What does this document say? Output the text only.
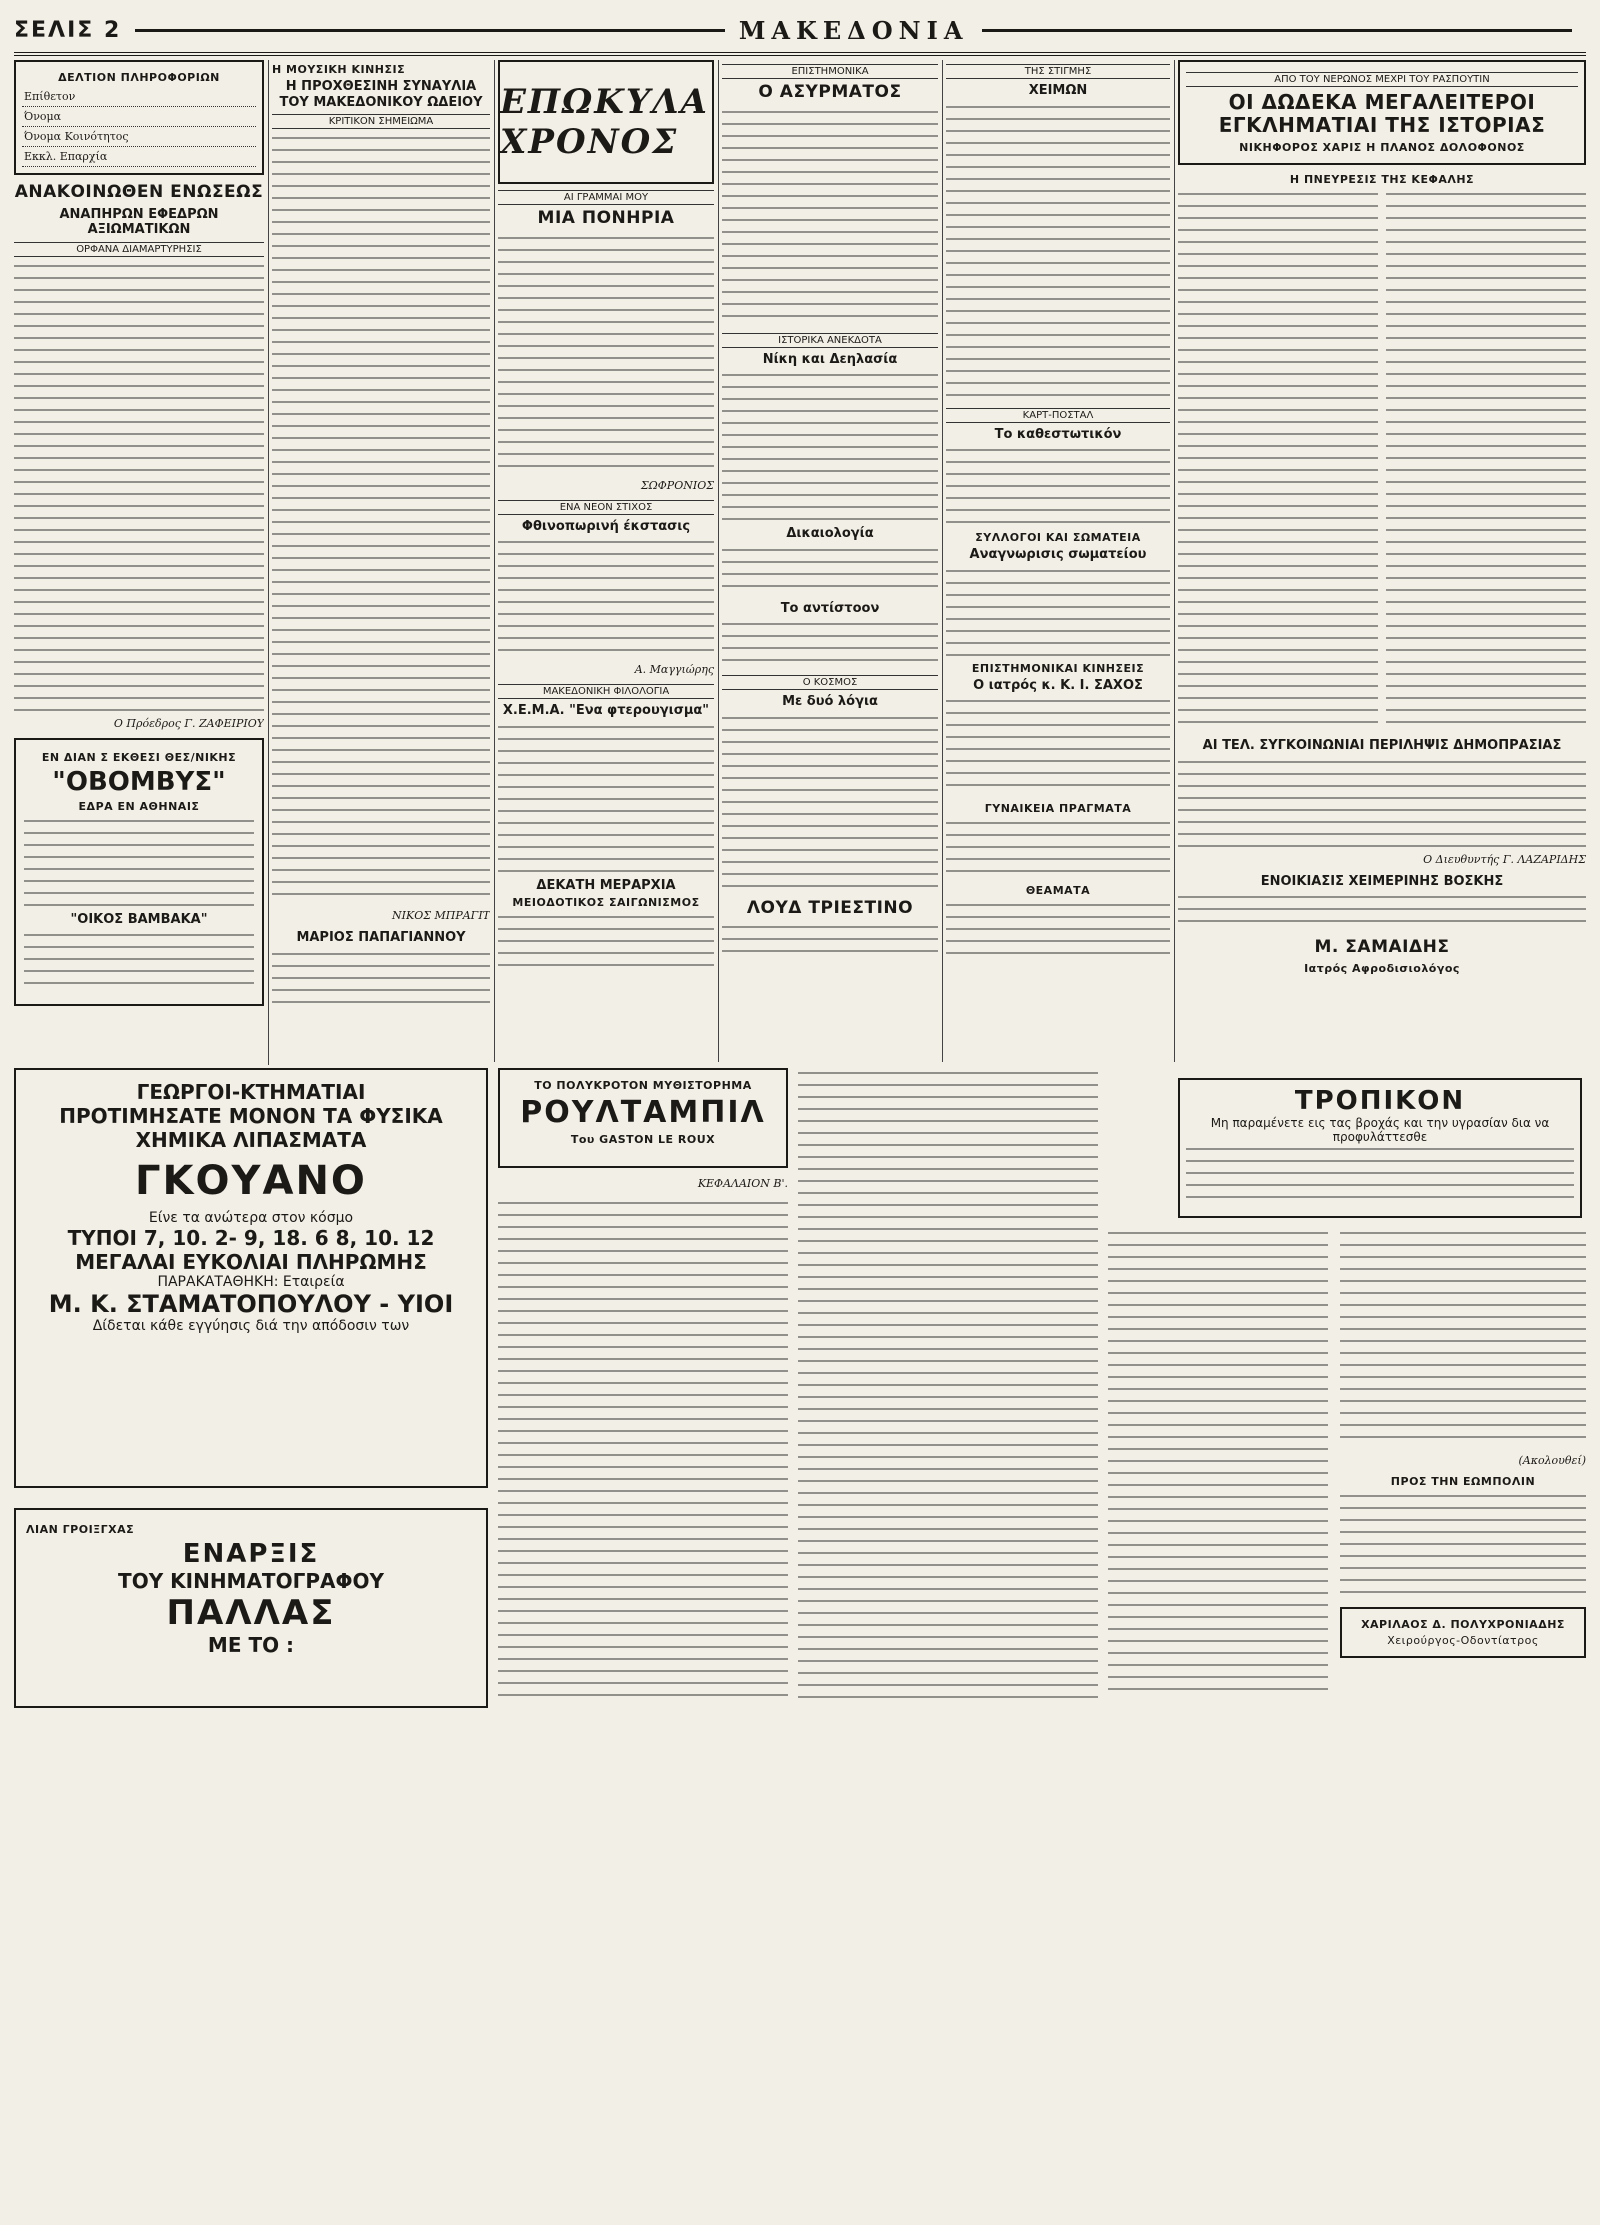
ΣΕΛΙΣ 2	ΜΑΚΕΔΟΝΙΑ
ΔΕΛΤΙΟΝ ΠΛΗΡΟΦΟΡΙΩΝ
Επίθετον
Όνομα
Όνομα Κοινότητος
Εκκλ. Επαρχία
ΑΝΑΚΟΙΝΩΘΕΝ ΕΝΩΣΕΩΣ
ΑΝΑΠΗΡΩΝ ΕΦΕΔΡΩΝ ΑΞΙΩΜΑΤΙΚΩΝ
ΟΡΦΑΝΑ ΔΙΑΜΑΡΤΥΡΗΣΙΣ
Ο Πρόεδρος Γ. ΖΑΦΕΙΡΙΟΥ
ΕΝ ΔΙΑΝ Σ ΕΚΘΕΣΙ ΘΕΣ/ΝΙΚΗΣ
"ΟΒΟΜΒΥΣ"
ΕΔΡΑ ΕΝ ΑΘΗΝΑΙΣ
"ΟΙΚΟΣ ΒΑΜΒΑΚΑ"
Η ΜΟΥΣΙΚΗ ΚΙΝΗΣΙΣ
Η ΠΡΟΧΘΕΣΙΝΗ ΣΥΝΑΥΛΙΑ ΤΟΥ ΜΑΚΕΔΟΝΙΚΟΥ ΩΔΕΙΟΥ
ΚΡΙΤΙΚΟΝ ΣΗΜΕΙΩΜΑ
ΝΙΚΟΣ ΜΠΡΑΓΙΤ
ΜΑΡΙΟΣ ΠΑΠΑΓΙΑΝΝΟΥ
ΕΠΩΚΥΛΑ ΧΡΟΝΟΣ
ΑΙ ΓΡΑΜΜΑΙ ΜΟΥ
ΜΙΑ ΠΟΝΗΡΙΑ
ΣΩΦΡΟΝΙΟΣ
ΕΝΑ ΝΕΟΝ ΣΤΙΧΟΣ
Φθινοπωρινή έκστασις
Α. Μαγγιώρης
ΜΑΚΕΔΟΝΙΚΗ ΦΙΛΟΛΟΓΙΑ
Χ.Ε.Μ.Α. "Ενα φτερουγισμα"
ΔΕΚΑΤΗ ΜΕΡΑΡΧΙΑ
ΜΕΙΟΔΟΤΙΚΟΣ ΣΑΙΓΩΝΙΣΜΟΣ
ΕΠΙΣΤΗΜΟΝΙΚΑ
Ο ΑΣΥΡΜΑΤΟΣ
ΙΣΤΟΡΙΚΑ ΑΝΕΚΔΟΤΑ
Νίκη και Δεηλασία
Δικαιολογία
Το αντίστοον
Ο ΚΟΣΜΟΣ
Με δυό λόγια
ΛΟΥΔ ΤΡΙΕΣΤΙΝΟ
ΤΗΣ ΣΤΙΓΜΗΣ
ΧΕΙΜΩΝ
ΚΑΡΤ-ΠΟΣΤΑΛ
Το καθεστωτικόν
ΣΥΛΛΟΓΟΙ ΚΑΙ ΣΩΜΑΤΕΙΑ
Αναγνωρισις σωματείου
ΕΠΙΣΤΗΜΟΝΙΚΑΙ ΚΙΝΗΣΕΙΣ
Ο ιατρός κ. Κ. Ι. ΣΑΧΟΣ
ΓΥΝΑΙΚΕΙΑ ΠΡΑΓΜΑΤΑ
ΘΕΑΜΑΤΑ
ΑΠΟ ΤΟΥ ΝΕΡΩΝΟΣ ΜΕΧΡΙ ΤΟΥ ΡΑΣΠΟΥΤΙΝ
ΟΙ ΔΩΔΕΚΑ ΜΕΓΑΛΕΙΤΕΡΟΙ ΕΓΚΛΗΜΑΤΙΑΙ ΤΗΣ ΙΣΤΟΡΙΑΣ
ΝΙΚΗΦΟΡΟΣ ΧΑΡΙΣ Η ΠΛΑΝΟΣ ΔΟΛΟΦΟΝΟΣ
Η ΠΝΕΥΡΕΣΙΣ ΤΗΣ ΚΕΦΑΛΗΣ
ΑΙ ΤΕΛ. ΣΥΓΚΟΙΝΩΝΙΑΙ ΠΕΡΙΛΗΨΙΣ ΔΗΜΟΠΡΑΣΙΑΣ
Ο Διευθυντής Γ. ΛΑΖΑΡΙΔΗΣ
ΕΝΟΙΚΙΑΣΙΣ ΧΕΙΜΕΡΙΝΗΣ ΒΟΣΚΗΣ
Μ. ΣΑΜΑΙΔΗΣ
Ιατρός Αφροδισιολόγος
ΤΡΟΠΙΚΟΝ
Μη παραμένετε εις τας βροχάς και την υγρασίαν δια να προφυλάττεσθε
ΓΕΩΡΓΟΙ-ΚΤΗΜΑΤΙΑΙ
ΠΡΟΤΙΜΗΣΑΤΕ ΜΟΝΟΝ ΤΑ ΦΥΣΙΚΑ
ΧΗΜΙΚΑ ΛΙΠΑΣΜΑΤΑ
ΓΚΟΥΑΝΟ
Είνε τα ανώτερα στον κόσμο
ΤΥΠΟΙ 7, 10. 2- 9, 18. 6 8, 10. 12
ΜΕΓΑΛΑΙ ΕΥΚΟΛΙΑΙ ΠΛΗΡΩΜΗΣ
ΠΑΡΑΚΑΤΑΘΗΚΗ: Εταιρεία
Μ. Κ. ΣΤΑΜΑΤΟΠΟΥΛΟΥ - ΥΙΟΙ
Δίδεται κάθε εγγύησις διά την απόδοσιν των
ΛΙΑΝ ΓΡΟΙΞΓΧΑΣ
ΕΝΑΡΞΙΣ
ΤΟΥ ΚΙΝΗΜΑΤΟΓΡΑΦΟΥ
ΠΑΛΛΑΣ
ΜΕ ΤΟ :
ΤΟ ΠΟΛΥΚΡΟΤΟΝ ΜΥΘΙΣΤΟΡΗΜΑ
ΡΟΥΛΤΑΜΠΙΛ
Του GASTON LE ROUX
ΚΕΦΑΛΑΙΟΝ Β'.
(Ακολουθεί)
ΠΡΟΣ ΤΗΝ ΕΩΜΠΟΛΙΝ
ΧΑΡΙΛΑΟΣ Δ. ΠΟΛΥΧΡΟΝΙΑΔΗΣ
Χειρούργος-Οδοντίατρος
